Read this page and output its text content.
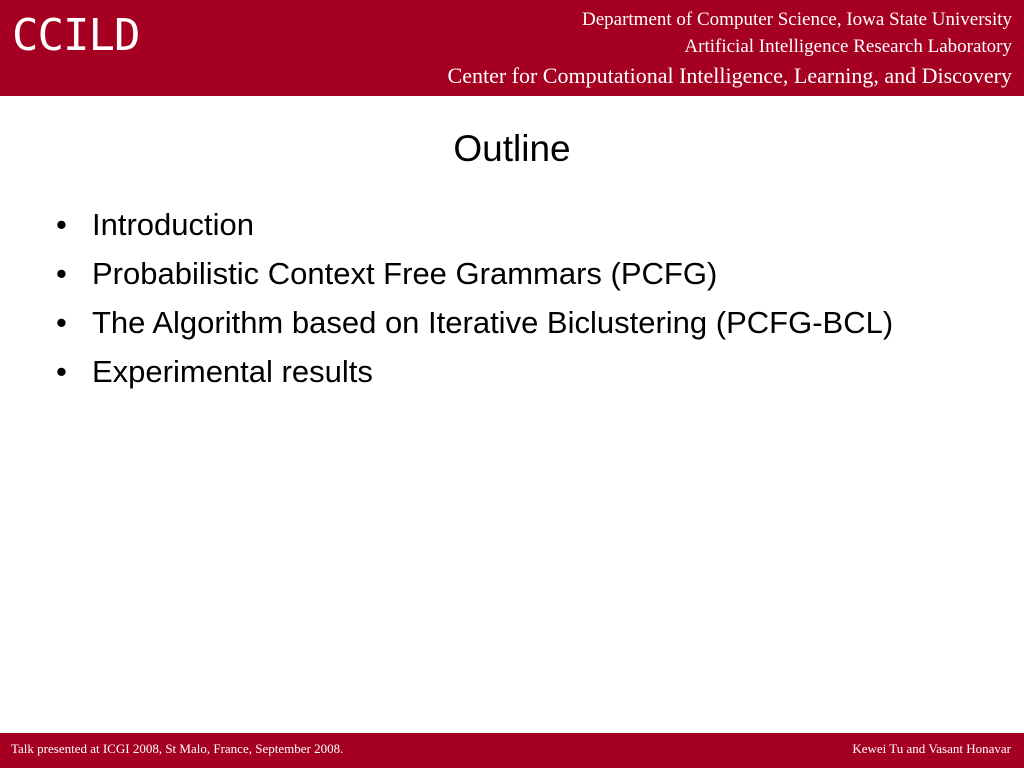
CCILD	Department of Computer Science, Iowa State University
Artificial Intelligence Research Laboratory
Center for Computational Intelligence, Learning, and Discovery
Outline
• Introduction
• Probabilistic Context Free Grammars (PCFG)
• The Algorithm based on Iterative Biclustering (PCFG-BCL)
• Experimental results
Talk presented at ICGI 2008, St Malo, France, September 2008.	Kewei Tu and Vasant Honavar
